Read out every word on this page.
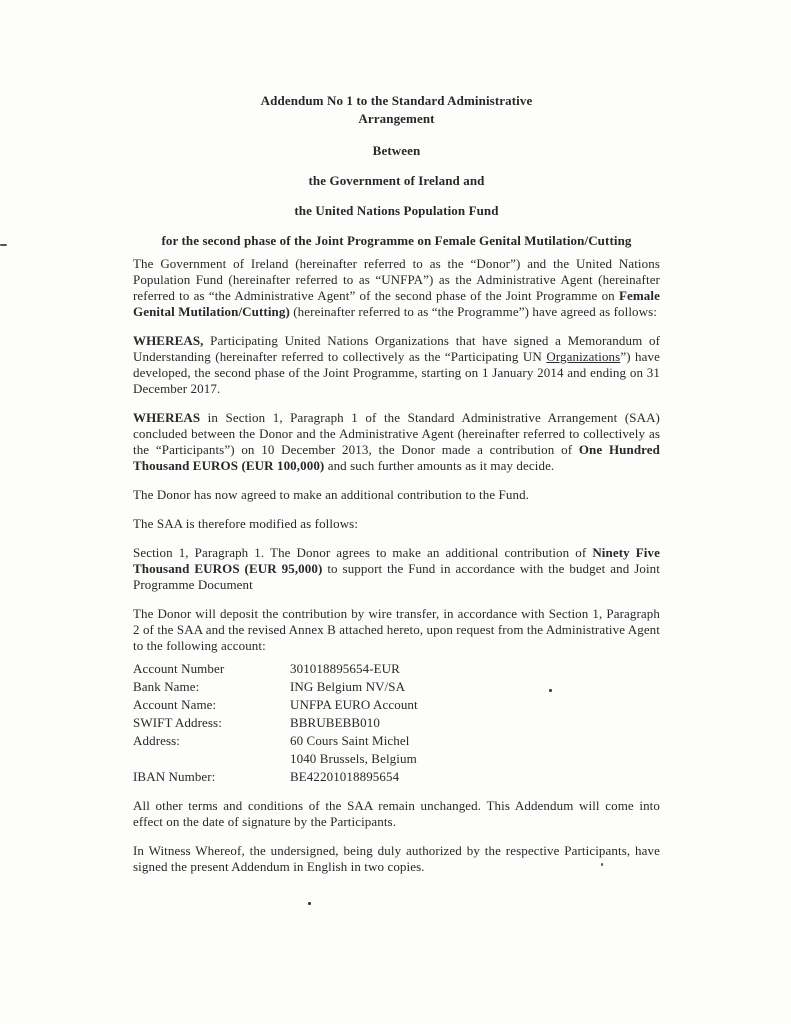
Addendum No 1 to the Standard Administrative
Arrangement
Between
the Government of Ireland and
the United Nations Population Fund
for the second phase of the Joint Programme on Female Genital Mutilation/Cutting

The Government of Ireland (hereinafter referred to as the “Donor”) and the United Nations Population Fund (hereinafter referred to as “UNFPA”) as the Administrative Agent (hereinafter referred to as “the Administrative Agent” of the second phase of the Joint Programme on Female Genital Mutilation/Cutting) (hereinafter referred to as “the Programme”) have agreed as follows:

WHEREAS, Participating United Nations Organizations that have signed a Memorandum of Understanding (hereinafter referred to collectively as the “Participating UN Organizations”) have developed, the second phase of the Joint Programme, starting on 1 January 2014 and ending on 31 December 2017.

WHEREAS in Section 1, Paragraph 1 of the Standard Administrative Arrangement (SAA) concluded between the Donor and the Administrative Agent (hereinafter referred to collectively as the “Participants”) on 10 December 2013, the Donor made a contribution of One Hundred Thousand EUROS (EUR 100,000) and such further amounts as it may decide.

The Donor has now agreed to make an additional contribution to the Fund.

The SAA is therefore modified as follows:

Section 1, Paragraph 1. The Donor agrees to make an additional contribution of Ninety Five Thousand EUROS (EUR 95,000) to support the Fund in accordance with the budget and Joint Programme Document

The Donor will deposit the contribution by wire transfer, in accordance with Section 1, Paragraph 2 of the SAA and the revised Annex B attached hereto, upon request from the Administrative Agent to the following account:

Account Number	301018895654-EUR
Bank Name:	ING Belgium NV/SA
Account Name:	UNFPA EURO Account
SWIFT Address:	BBRUBEBB010
Address:	60 Cours Saint Michel
1040 Brussels, Belgium
IBAN Number:	BE42201018895654

All other terms and conditions of the SAA remain unchanged. This Addendum will come into effect on the date of signature by the Participants.

In Witness Whereof, the undersigned, being duly authorized by the respective Participants, have signed the present Addendum in English in two copies.
